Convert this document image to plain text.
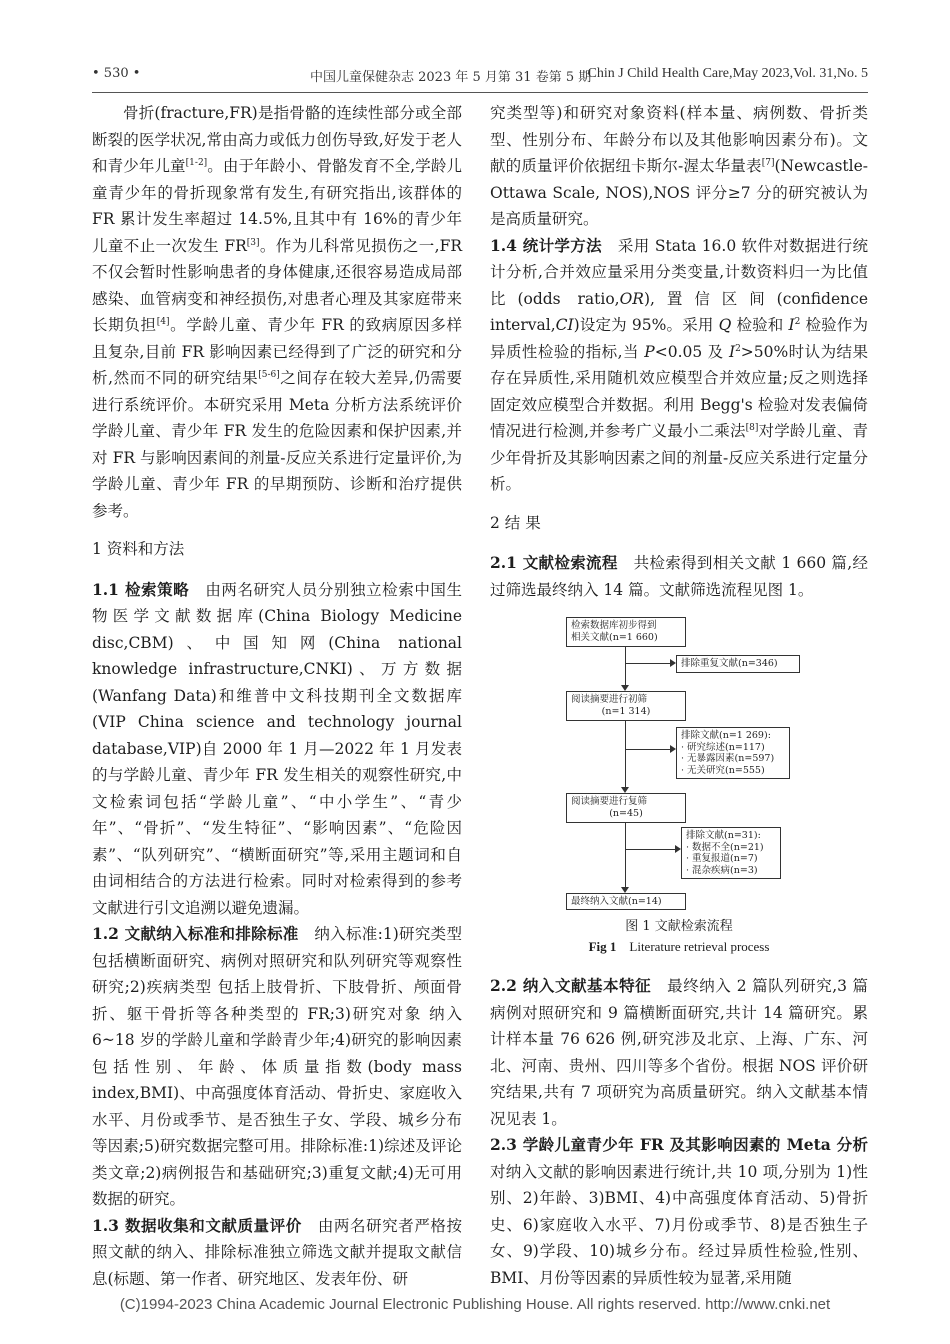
• 530 •	中国儿童保健杂志 2023 年 5 月第 31 卷第 5 期
Chin J Child Health Care,May 2023,Vol. 31,No. 5

骨折(fracture,FR)是指骨骼的连续性部分或全部断裂的医学状况,常由高力或低力创伤导致,好发于老人和青少年儿童[1-2]。由于年龄小、骨骼发育不全,学龄儿童青少年的骨折现象常有发生,有研究指出,该群体的 FR 累计发生率超过 14.5%,且其中有 16%的青少年儿童不止一次发生 FR[3]。作为儿科常见损伤之一,FR 不仅会暂时性影响患者的身体健康,还很容易造成局部感染、血管病变和神经损伤,对患者心理及其家庭带来长期负担[4]。学龄儿童、青少年 FR 的致病原因多样且复杂,目前 FR 影响因素已经得到了广泛的研究和分析,然而不同的研究结果[5-6]之间存在较大差异,仍需要进行系统评价。本研究采用 Meta 分析方法系统评价学龄儿童、青少年 FR 发生的危险因素和保护因素,并对 FR 与影响因素间的剂量-反应关系进行定量评价,为学龄儿童、青少年 FR 的早期预防、诊断和治疗提供参考。

1 资料和方法

1.1 检索策略　 由两名研究人员分别独立检索中国生物医学文献数据库(China Biology Medicine disc,CBM)、中国知网(China national knowledge infrastructure,CNKI)、万方数据(Wanfang Data)和维普中文科技期刊全文数据库(VIP China science and technology journal database,VIP)自 2000 年 1 月—2022 年 1 月发表的与学龄儿童、青少年 FR 发生相关的观察性研究,中文检索词包括“学龄儿童”、“中小学生”、“青少年”、“骨折”、“发生特征”、“影响因素”、“危险因素”、“队列研究”、“横断面研究”等,采用主题词和自由词相结合的方法进行检索。同时对检索得到的参考文献进行引文追溯以避免遗漏。

1.2 文献纳入标准和排除标准　 纳入标准:1)研究类型 包括横断面研究、病例对照研究和队列研究等观察性研究;2)疾病类型 包括上肢骨折、下肢骨折、颅面骨折、躯干骨折等各种类型的 FR;3)研究对象 纳入 6~18 岁的学龄儿童和学龄青少年;4)研究的影响因素包括性别、年龄、体质量指数(body mass index,BMI)、中高强度体育活动、骨折史、家庭收入水平、月份或季节、是否独生子女、学段、城乡分布等因素;5)研究数据完整可用。排除标准:1)综述及评论类文章;2)病例报告和基础研究;3)重复文献;4)无可用数据的研究。

1.3 数据收集和文献质量评价　 由两名研究者严格按照文献的纳入、排除标准独立筛选文献并提取文献信息(标题、第一作者、研究地区、发表年份、研

究类型等)和研究对象资料(样本量、病例数、骨折类型、性别分布、年龄分布以及其他影响因素分布)。文献的质量评价依据纽卡斯尔-渥太华量表[7](Newcastle-Ottawa Scale, NOS),NOS 评分≥7 分的研究被认为是高质量研究。

1.4 统计学方法　 采用 Stata 16.0 软件对数据进行统计分析,合并效应量采用分类变量,计数资料归一为比值比(odds ratio,OR),置信区间(confidence interval,CI)设定为 95%。采用 Q 检验和 $I^2$ 检验作为异质性检验的指标,当 P<0.05 及 $I^2>50\%$时认为结果存在异质性,采用随机效应模型合并效应量;反之则选择固定效应模型合并数据。利用 Begg's 检验对发表偏倚情况进行检测,并参考广义最小二乘法[8]对学龄儿童、青少年骨折及其影响因素之间的剂量-反应关系进行定量分析。

2 结 果

2.1 文献检索流程　 共检索得到相关文献 1 660 篇,经过筛选最终纳入 14 篇。文献筛选流程见图 1。

检索数据库初步得到
相关文献(n=1 660)
排除重复文献(n=346)
阅读摘要进行初筛
(n=1 314)
排除文献(n=1 269):
· 研究综述(n=117)
· 无暴露因素(n=597)
· 无关研究(n=555)
阅读摘要进行复筛
(n=45)
排除文献(n=31):
· 数据不全(n=21)
· 重复报道(n=7)
· 混杂疾病(n=3)
最终纳入文献(n=14)
图 1 文献检索流程
Fig 1　 Literature retrieval process

2.2 纳入文献基本特征　 最终纳入 2 篇队列研究,3 篇病例对照研究和 9 篇横断面研究,共计 14 篇研究。累计样本量 76 626 例,研究涉及北京、上海、广东、河北、河南、贵州、四川等多个省份。根据 NOS 评价研究结果,共有 7 项研究为高质量研究。纳入文献基本情况见表 1。

2.3 学龄儿童青少年 FR 及其影响因素的 Meta 分析　对纳入文献的影响因素进行统计,共 10 项,分别为 1)性别、2)年龄、3)BMI、4)中高强度体育活动、5)骨折史、6)家庭收入水平、7)月份或季节、8)是否独生子女、9)学段、10)城乡分布。经过异质性检验,性别、BMI、月份等因素的异质性较为显著,采用随

(C)1994-2023 China Academic Journal Electronic Publishing House. All rights reserved. http://www.cnki.net
